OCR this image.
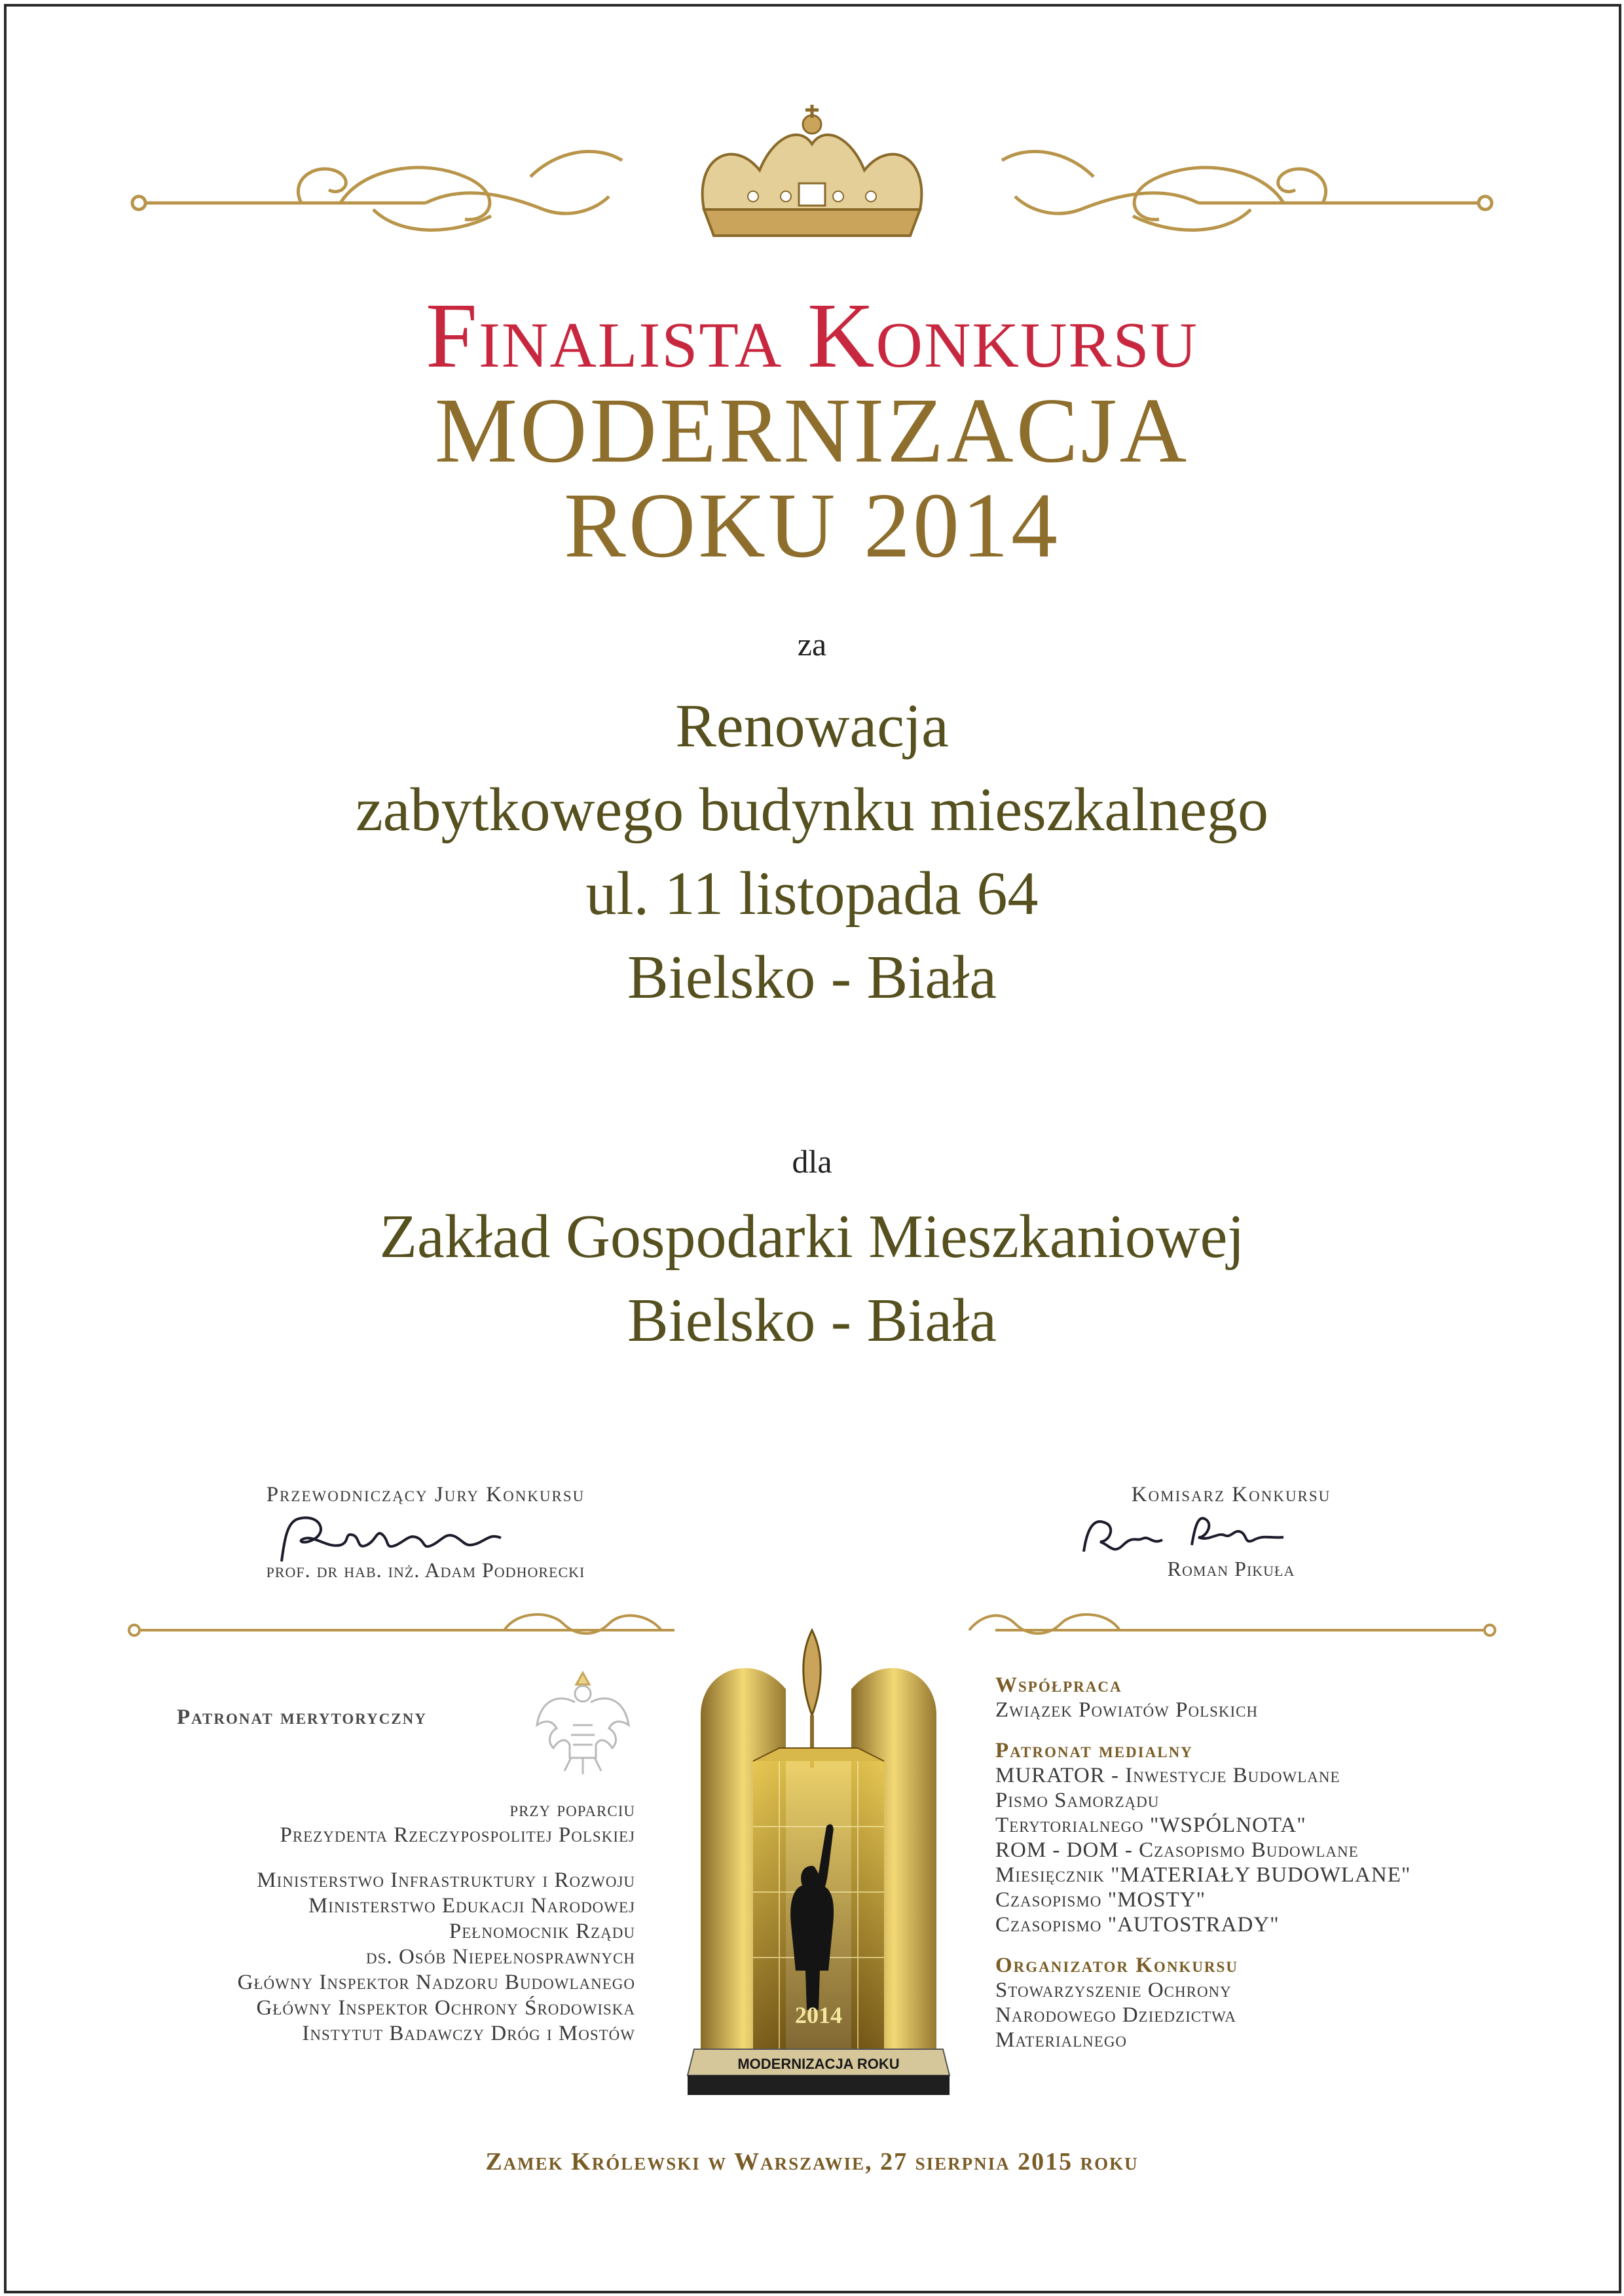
Finalista Konkursu
MODERNIZACJA
ROKU 2014
za
Renowacja
zabytkowego budynku mieszkalnego
ul. 11 listopada 64
Bielsko - Biała
dla
Zakład Gospodarki Mieszkaniowej
Bielsko - Biała
Przewodniczący Jury Konkursu
prof. dr hab. inż. Adam Podhorecki
Komisarz Konkursu
Roman Pikuła
Patronat merytoryczny
przy poparciu
Prezydenta Rzeczypospolitej Polskiej
Ministerstwo Infrastruktury i Rozwoju
Ministerstwo Edukacji Narodowej
Pełnomocnik Rządu
ds. Osób Niepełnosprawnych
Główny Inspektor Nadzoru Budowlanego
Główny Inspektor Ochrony Środowiska
Instytut Badawczy Dróg i Mostów
2014
MODERNIZACJA ROKU
Współpraca
Związek Powiatów Polskich
Patronat medialny
MURATOR - Inwestycje Budowlane
Pismo Samorządu
Terytorialnego "WSPÓLNOTA"
ROM - DOM - Czasopismo Budowlane
Miesięcznik "MATERIAŁY BUDOWLANE"
Czasopismo "MOSTY"
Czasopismo "AUTOSTRADY"
Organizator Konkursu
Stowarzyszenie Ochrony
Narodowego Dziedzictwa
Materialnego
Zamek Królewski w Warszawie, 27 sierpnia 2015 roku
